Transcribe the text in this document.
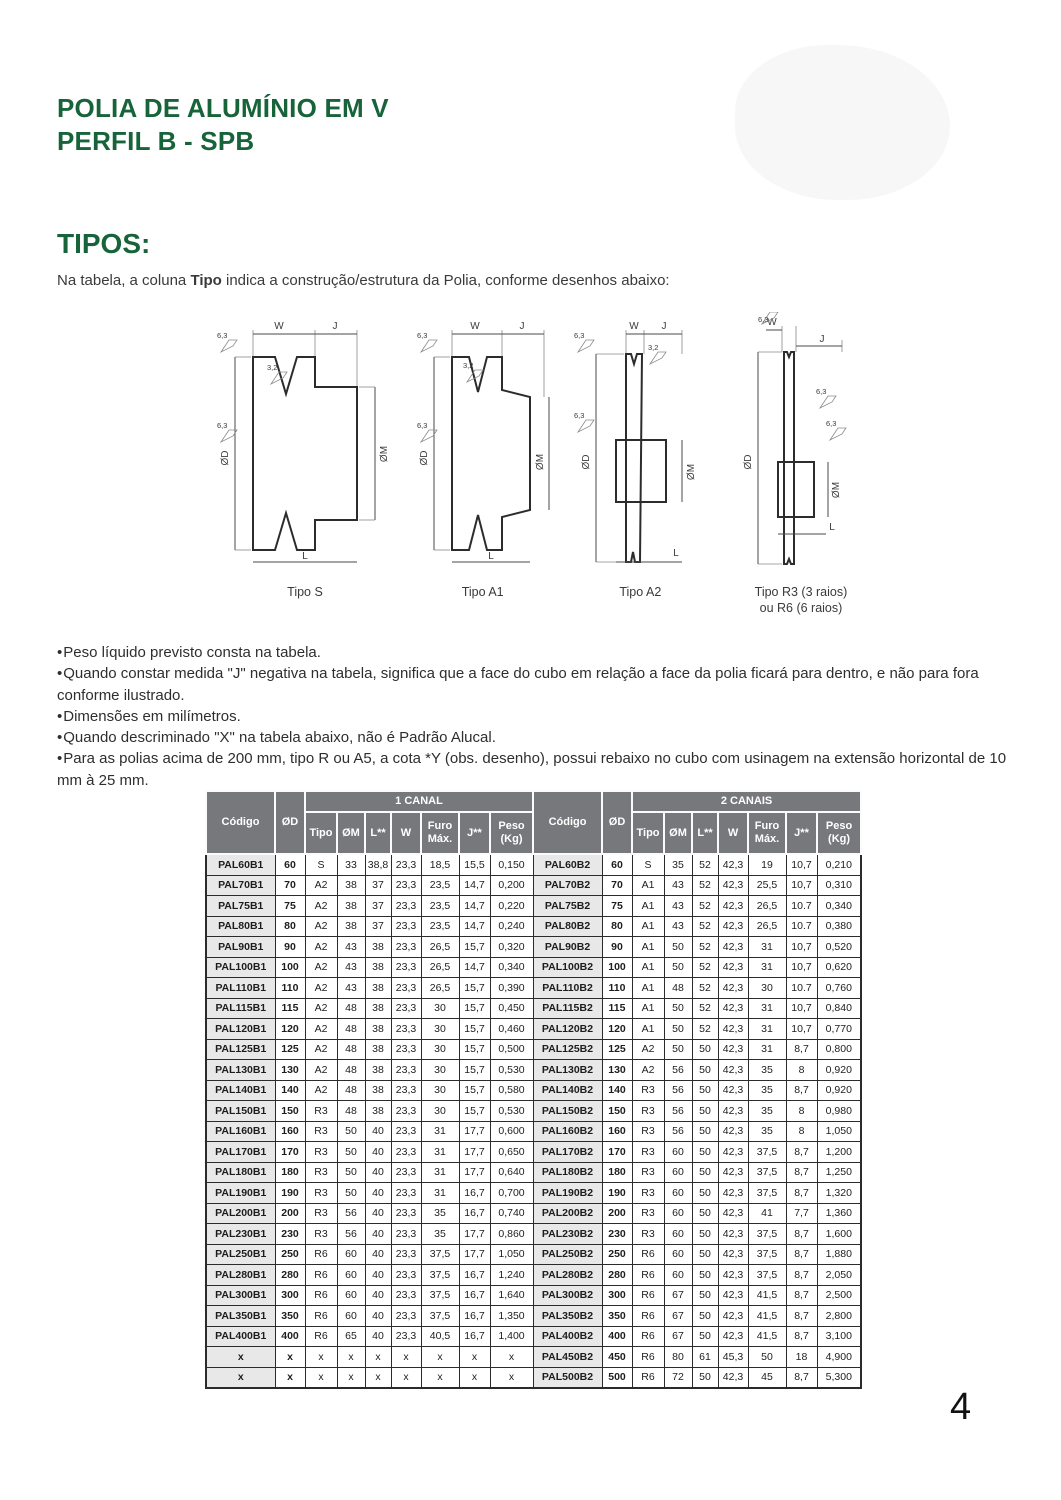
POLIA DE ALUMÍNIO EM V
PERFIL B - SPB
TIPOS:

Na tabela, a coluna Tipo indica a construção/estrutura da Polia, conforme desenhos abaixo:

W	J
ØD	ØM
L
6,3
3,2
6,3
Tipo S
W	J
ØD	ØM
L
6,3
3,2
6,3
Tipo A1
W J
ØD
ØM
L
6,3
3,2
6,3
Tipo A2
W
J
ØD
ØM
L
6,3
6,3
6,3
Tipo R3 (3 raios)
ou R6 (6 raios)
• Peso líquido previsto consta na tabela.
• Quando constar medida "J" negativa na tabela, significa que a face do cubo em relação a face da polia ficará para dentro, e não para fora conforme ilustrado.
• Dimensões em milímetros.
• Quando descriminado "X" na tabela abaixo, não é Padrão Alucal.
• Para as polias acima de 200 mm, tipo R ou A5, a cota *Y (obs. desenho), possui rebaixo no cubo com usinagem na extensão horizontal de 10 mm à 25 mm.
Código	ØD	1 CANAL							Código	ØD	2 CANAIS						
		Tipo	ØM	L**	W	Furo Máx.	J**	Peso (Kg)			Tipo	ØM	L**	W	Furo Máx.	J**	Peso (Kg)
PAL60B1	60	S	33	38,8	23,3	18,5	15,5	0,150	PAL60B2	60	S	35	52	42,3	19	10,7	0,210
PAL70B1	70	A2	38	37	23,3	23,5	14,7	0,200	PAL70B2	70	A1	43	52	42,3	25,5	10,7	0,310
PAL75B1	75	A2	38	37	23,3	23,5	14,7	0,220	PAL75B2	75	A1	43	52	42,3	26,5	10.7	0,340
PAL80B1	80	A2	38	37	23,3	23,5	14,7	0,240	PAL80B2	80	A1	43	52	42,3	26,5	10.7	0,380
PAL90B1	90	A2	43	38	23,3	26,5	15,7	0,320	PAL90B2	90	A1	50	52	42,3	31	10,7	0,520
PAL100B1	100	A2	43	38	23,3	26,5	14,7	0,340	PAL100B2	100	A1	50	52	42,3	31	10,7	0,620
PAL110B1	110	A2	43	38	23,3	26,5	15,7	0,390	PAL110B2	110	A1	48	52	42,3	30	10.7	0,760
PAL115B1	115	A2	48	38	23,3	30	15,7	0,450	PAL115B2	115	A1	50	52	42,3	31	10,7	0,840
PAL120B1	120	A2	48	38	23,3	30	15,7	0,460	PAL120B2	120	A1	50	52	42,3	31	10,7	0,770
PAL125B1	125	A2	48	38	23,3	30	15,7	0,500	PAL125B2	125	A2	50	50	42,3	31	8,7	0,800
PAL130B1	130	A2	48	38	23,3	30	15,7	0,530	PAL130B2	130	A2	56	50	42,3	35	8	0,920
PAL140B1	140	A2	48	38	23,3	30	15,7	0,580	PAL140B2	140	R3	56	50	42,3	35	8,7	0,920
PAL150B1	150	R3	48	38	23,3	30	15,7	0,530	PAL150B2	150	R3	56	50	42,3	35	8	0,980
PAL160B1	160	R3	50	40	23,3	31	17,7	0,600	PAL160B2	160	R3	56	50	42,3	35	8	1,050
PAL170B1	170	R3	50	40	23,3	31	17,7	0,650	PAL170B2	170	R3	60	50	42,3	37,5	8,7	1,200
PAL180B1	180	R3	50	40	23,3	31	17,7	0,640	PAL180B2	180	R3	60	50	42,3	37,5	8,7	1,250
PAL190B1	190	R3	50	40	23,3	31	16,7	0,700	PAL190B2	190	R3	60	50	42,3	37,5	8,7	1,320
PAL200B1	200	R3	56	40	23,3	35	16,7	0,740	PAL200B2	200	R3	60	50	42,3	41	7,7	1,360
PAL230B1	230	R3	56	40	23,3	35	17,7	0,860	PAL230B2	230	R3	60	50	42,3	37,5	8,7	1,600
PAL250B1	250	R6	60	40	23,3	37,5	17,7	1,050	PAL250B2	250	R6	60	50	42,3	37,5	8,7	1,880
PAL280B1	280	R6	60	40	23,3	37,5	16,7	1,240	PAL280B2	280	R6	60	50	42,3	37,5	8,7	2,050
PAL300B1	300	R6	60	40	23,3	37,5	16,7	1,640	PAL300B2	300	R6	67	50	42,3	41,5	8,7	2,500
PAL350B1	350	R6	60	40	23,3	37,5	16,7	1,350	PAL350B2	350	R6	67	50	42,3	41,5	8,7	2,800
PAL400B1	400	R6	65	40	23,3	40,5	16,7	1,400	PAL400B2	400	R6	67	50	42,3	41,5	8,7	3,100
x	x	x	x	x	x	x	x	x	PAL450B2	450	R6	80	61	45,3	50	18	4,900
x	x	x	x	x	x	x	x	x	PAL500B2	500	R6	72	50	42,3	45	8,7	5,300
4
